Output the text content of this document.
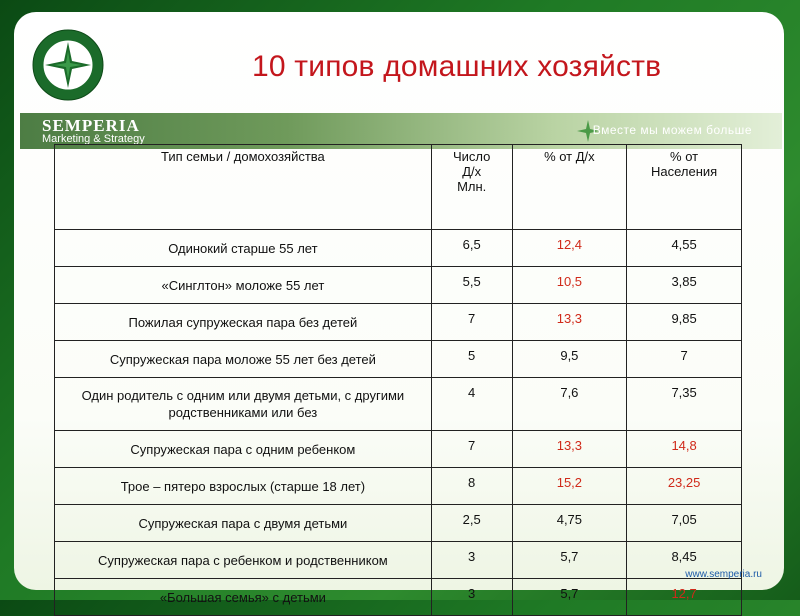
10 типов домашних хозяйств
SEMPERIA
Marketing & Strategy
Вместе мы можем больше
Тип семьи / домохозяйства	Число Д/х Млн.	% от Д/х	% от Населения
Одинокий старше 55 лет	6,5	12,4	4,55
«Синглтон» моложе 55 лет	5,5	10,5	3,85
Пожилая супружеская пара без детей	7	13,3	9,85
Супружеская пара моложе 55 лет без детей	5	9,5	7
Один родитель с одним или двумя детьми, с другими родственниками или без	4	7,6	7,35
Супружеская пара с одним ребенком	7	13,3	14,8
Трое – пятеро взрослых (старше 18 лет)	8	15,2	23,25
Супружеская пара с двумя детьми	2,5	4,75	7,05
Супружеская пара с ребенком и родственником	3	5,7	8,45
«Большая семья» с детьми	3	5,7	12,7
www.semperia.ru
